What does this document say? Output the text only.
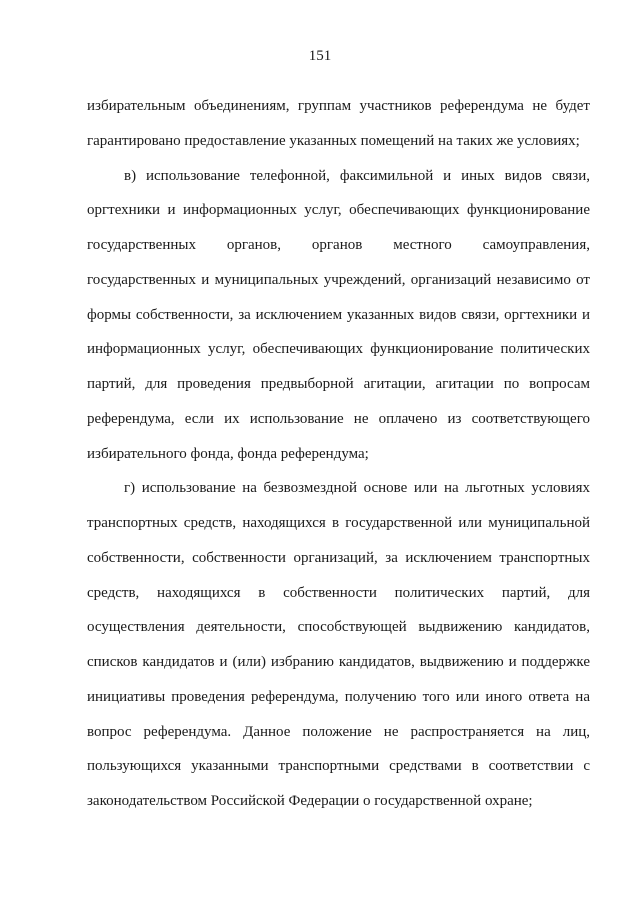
151
избирательным объединениям, группам участников референдума не будет
гарантировано предоставление указанных помещений на таких же условиях;
в) использование телефонной, факсимильной и иных видов связи,
оргтехники и информационных услуг, обеспечивающих функционирование
государственных органов, органов местного самоуправления,
государственных и муниципальных учреждений, организаций независимо от
формы собственности, за исключением указанных видов связи, оргтехники и
информационных услуг, обеспечивающих функционирование политических
партий, для проведения предвыборной агитации, агитации по вопросам
референдума, если их использование не оплачено из соответствующего
избирательного фонда, фонда референдума;
г) использование на безвозмездной основе или на льготных условиях
транспортных средств, находящихся в государственной или муниципальной
собственности, собственности организаций, за исключением транспортных
средств, находящихся в собственности политических партий, для
осуществления деятельности, способствующей выдвижению кандидатов,
списков кандидатов и (или) избранию кандидатов, выдвижению и поддержке
инициативы проведения референдума, получению того или иного ответа на
вопрос референдума. Данное положение не распространяется на лиц,
пользующихся указанными транспортными средствами в соответствии с
законодательством Российской Федерации о государственной охране;
